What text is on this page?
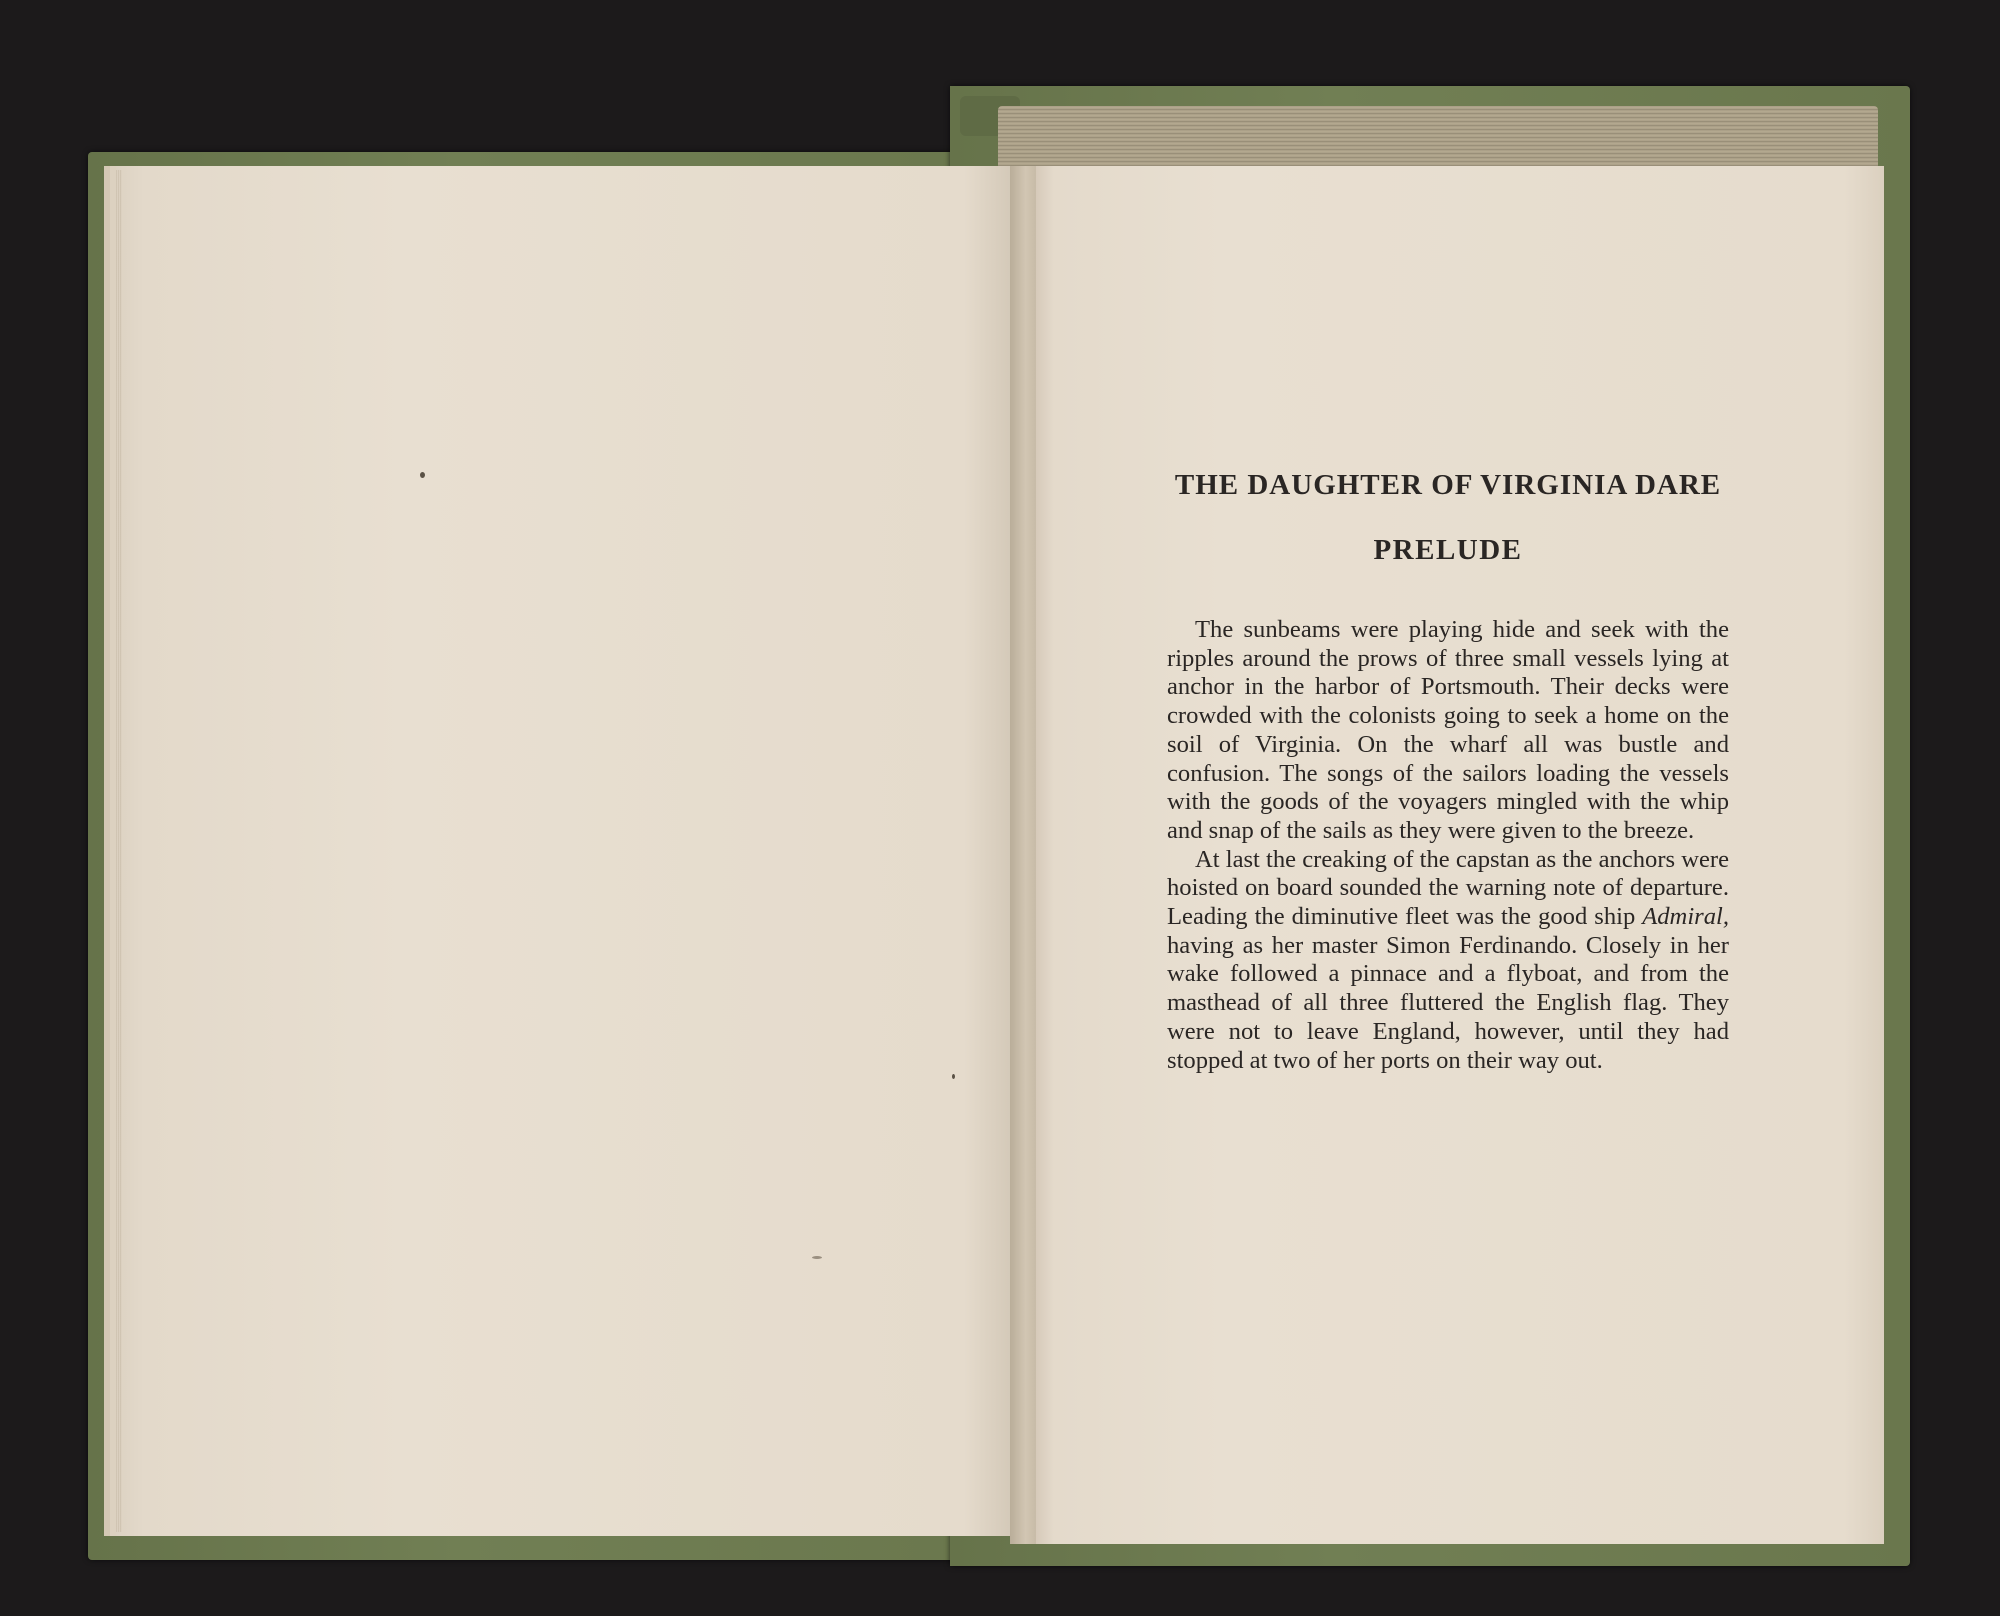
THE DAUGHTER OF VIRGINIA DARE
PRELUDE

The sunbeams were playing hide and seek with the ripples around the prows of three small vessels lying at anchor in the harbor of Portsmouth. Their decks were crowded with the colonists going to seek a home on the soil of Virginia. On the wharf all was bustle and confusion. The songs of the sailors loading the vessels with the goods of the voyagers mingled with the whip and snap of the sails as they were given to the breeze.

At last the creaking of the capstan as the anchors were hoisted on board sounded the warning note of departure. Leading the diminutive fleet was the good ship Admiral, having as her master Simon Ferdinando. Closely in her wake followed a pinnace and a flyboat, and from the masthead of all three fluttered the English flag. They were not to leave England, however, until they had stopped at two of her ports on their way out.
